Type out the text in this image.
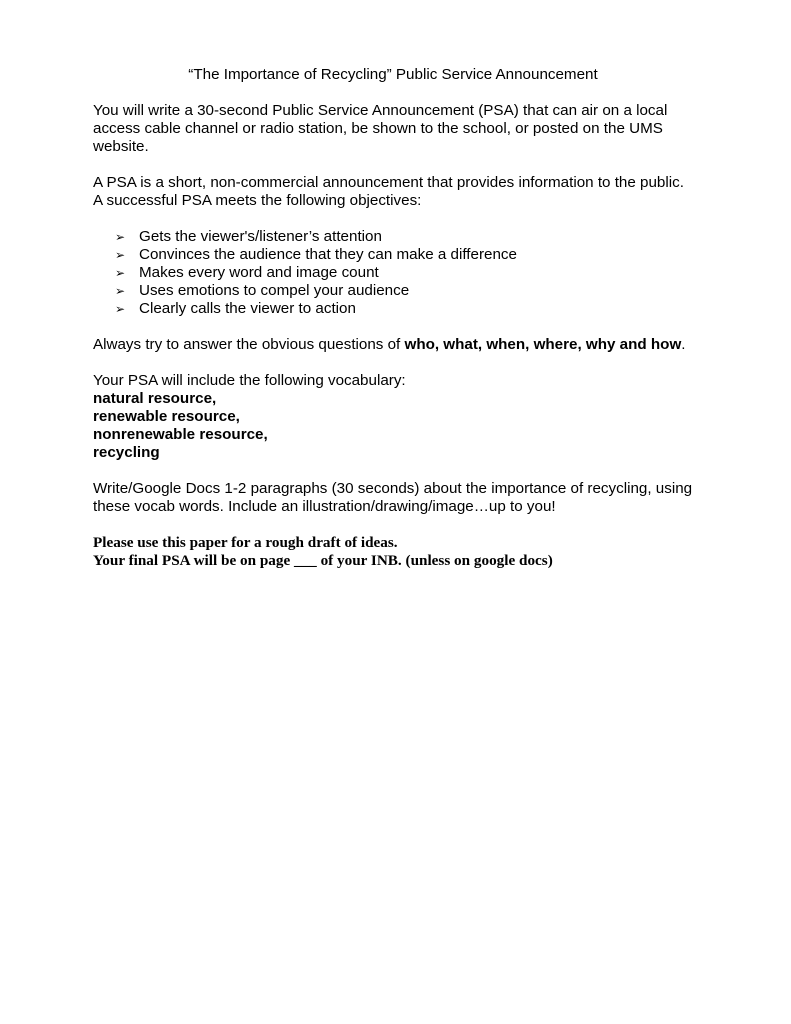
“The Importance of Recycling” Public Service Announcement

You will write a 30-second Public Service Announcement (PSA) that can air on a local access cable channel or radio station, be shown to the school, or posted on the UMS website.

A PSA is a short, non-commercial announcement that provides information to the public.

A successful PSA meets the following objectives:

➢ Gets the viewer's/listener’s attention
➢ Convinces the audience that they can make a difference
➢ Makes every word and image count
➢ Uses emotions to compel your audience
➢ Clearly calls the viewer to action

Always try to answer the obvious questions of who, what, when, where, why and how.

Your PSA will include the following vocabulary:

natural resource,

renewable resource,

nonrenewable resource,

recycling

Write/Google Docs 1-2 paragraphs (30 seconds) about the importance of recycling, using these vocab words. Include an illustration/drawing/image…up to you!

Please use this paper for a rough draft of ideas.

Your final PSA will be on page ___ of your INB. (unless on google docs)
